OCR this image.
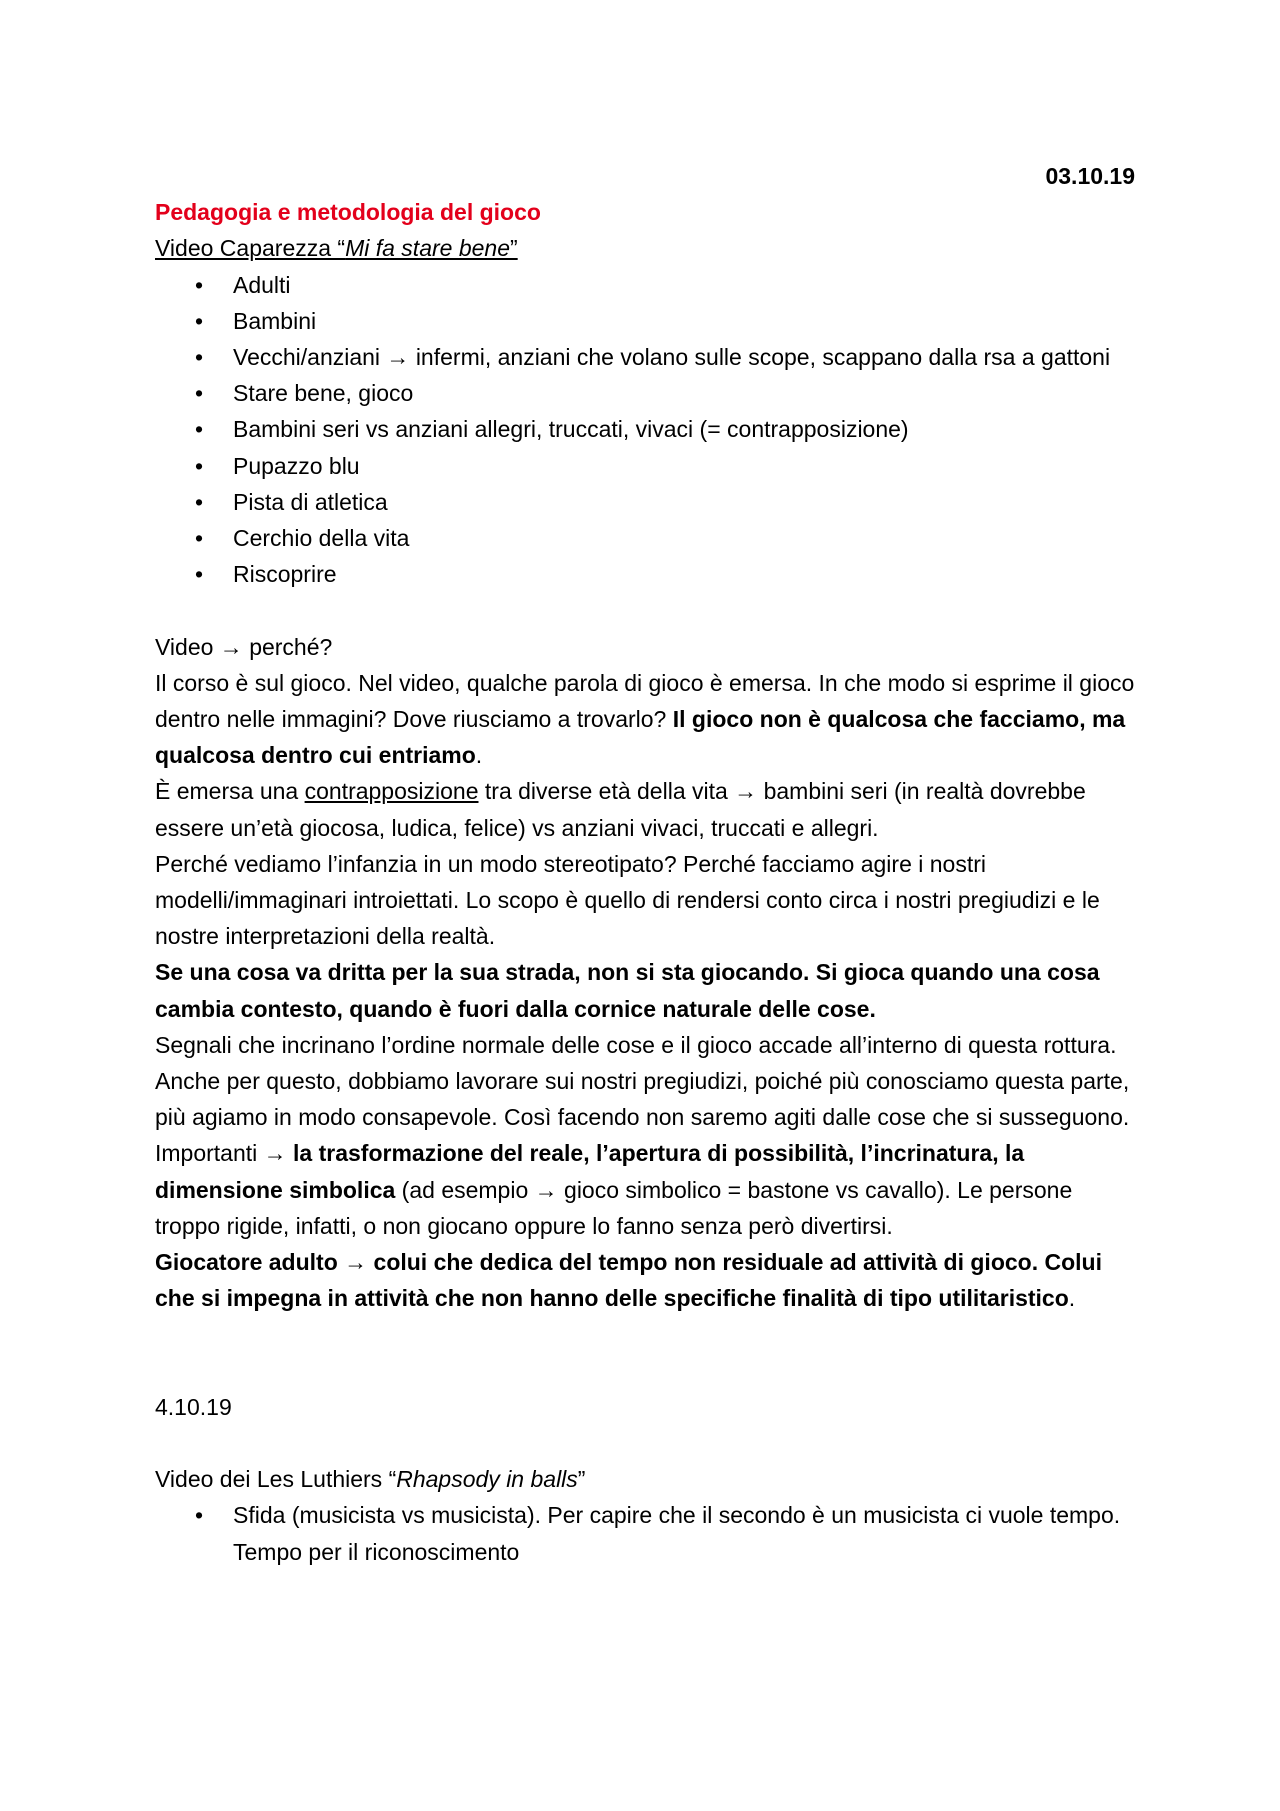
03.10.19
Pedagogia e metodologia del gioco
Video Caparezza “Mi fa stare bene”
• Adulti
• Bambini
• Vecchi/anziani → infermi, anziani che volano sulle scope, scappano dalla rsa a gattoni
• Stare bene, gioco
• Bambini seri vs anziani allegri, truccati, vivaci (= contrapposizione)
• Pupazzo blu
• Pista di atletica
• Cerchio della vita
• Riscoprire

Video → perché?

Il corso è sul gioco. Nel video, qualche parola di gioco è emersa. In che modo si esprime il gioco dentro nelle immagini? Dove riusciamo a trovarlo? Il gioco non è qualcosa che facciamo, ma qualcosa dentro cui entriamo.

È emersa una contrapposizione tra diverse età della vita → bambini seri (in realtà dovrebbe essere un’età giocosa, ludica, felice) vs anziani vivaci, truccati e allegri.

Perché vediamo l’infanzia in un modo stereotipato? Perché facciamo agire i nostri modelli/immaginari introiettati. Lo scopo è quello di rendersi conto circa i nostri pregiudizi e le nostre interpretazioni della realtà.

Se una cosa va dritta per la sua strada, non si sta giocando. Si gioca quando una cosa cambia contesto, quando è fuori dalla cornice naturale delle cose.

Segnali che incrinano l’ordine normale delle cose e il gioco accade all’interno di questa rottura. Anche per questo, dobbiamo lavorare sui nostri pregiudizi, poiché più conosciamo questa parte, più agiamo in modo consapevole. Così facendo non saremo agiti dalle cose che si susseguono.

Importanti → la trasformazione del reale, l’apertura di possibilità, l’incrinatura, la dimensione simbolica (ad esempio → gioco simbolico = bastone vs cavallo). Le persone troppo rigide, infatti, o non giocano oppure lo fanno senza però divertirsi.

Giocatore adulto → colui che dedica del tempo non residuale ad attività di gioco. Colui che si impegna in attività che non hanno delle specifiche finalità di tipo utilitaristico.

4.10.19

Video dei Les Luthiers “Rhapsody in balls”
• Sfida (musicista vs musicista). Per capire che il secondo è un musicista ci vuole tempo. Tempo per il riconoscimento
